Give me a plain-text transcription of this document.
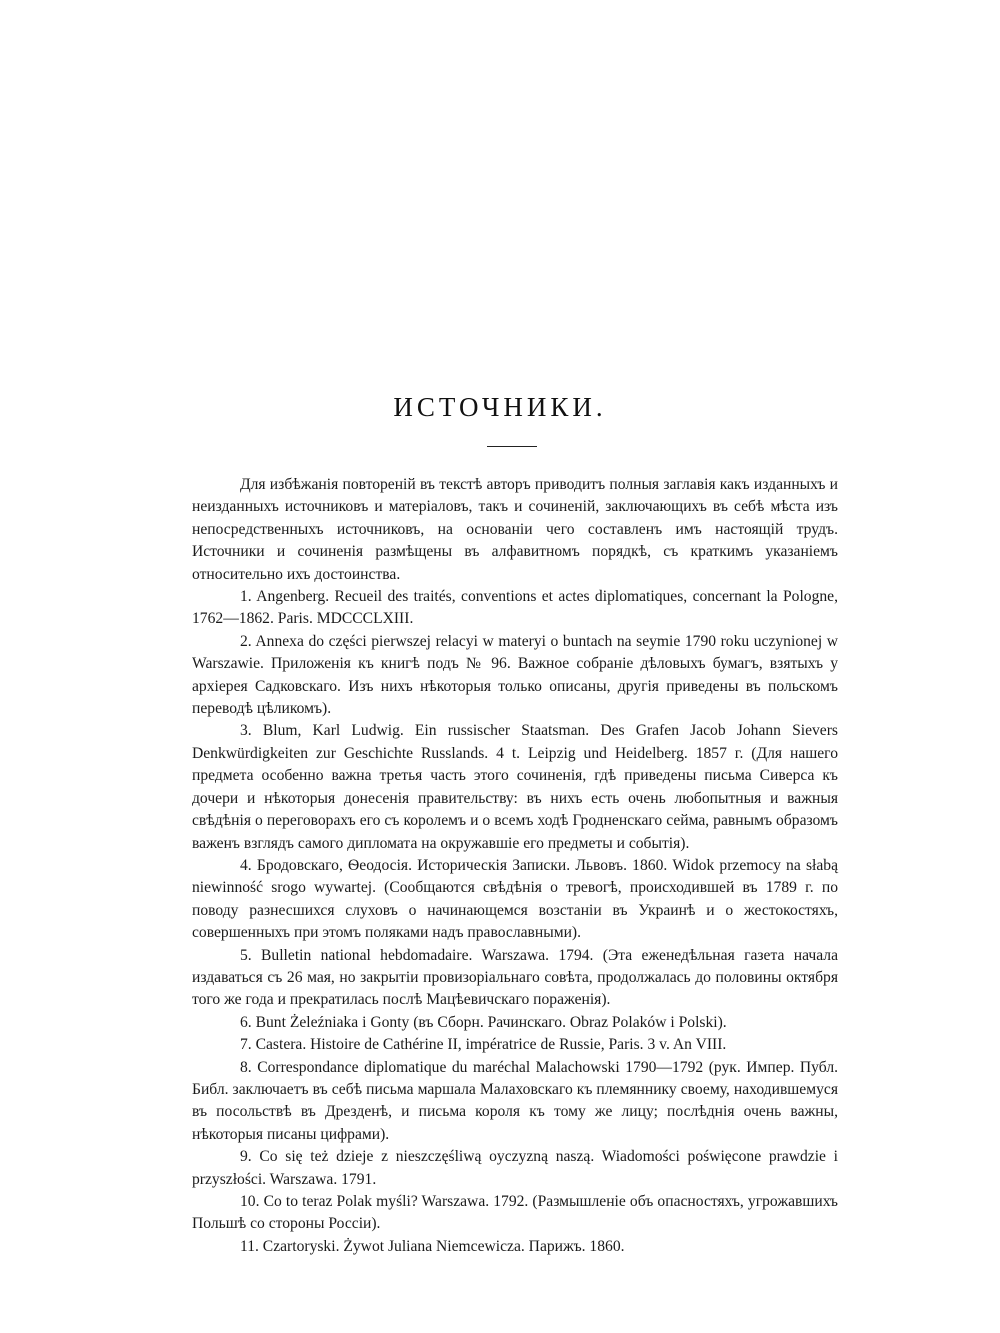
ИСТОЧНИКИ.

Для избѣжанія повтореній въ текстѣ авторъ приводитъ полныя заглавія какъ изданныхъ и неизданныхъ источниковъ и матеріаловъ, такъ и сочиненій, заключающихъ въ себѣ мѣста изъ непосредственныхъ источниковъ, на основаніи чего составленъ имъ настоящій трудъ. Источники и сочиненія размѣщены въ алфавитномъ порядкѣ, съ краткимъ указаніемъ относительно ихъ достоинства.

1. Angenberg. Recueil des traités, conventions et actes diplomatiques, concernant la Pologne, 1762—1862. Paris. MDCCCLXIII.

2. Annexa do części pierwszej relacyi w materyi o buntach na seymie 1790 roku uczynionej w Warszawie. Приложенія къ книгѣ подъ № 96. Важное собраніе дѣловыхъ бумагъ, взятыхъ у архіерея Садковскаго. Изъ нихъ нѣкоторыя только описаны, другія приведены въ польскомъ переводѣ цѣликомъ).

3. Blum, Karl Ludwig. Ein russischer Staatsman. Des Grafen Jacob Johann Sievers Denkwürdigkeiten zur Geschichte Russlands. 4 t. Leipzig und Heidelberg. 1857 г. (Для нашего предмета особенно важна третья часть этого сочиненія, гдѣ приведены письма Сиверса къ дочери и нѣкоторыя донесенія правительству: въ нихъ есть очень любопытныя и важныя свѣдѣнія о переговорахъ его съ королемъ и о всемъ ходѣ Гродненскаго сейма, равнымъ образомъ важенъ взглядъ самого дипломата на окружавшіе его предметы и событія).

4. Бродовскаго, Ѳеодосія. Историческія Записки. Львовъ. 1860. Widok przemocy na słabą niewinność srogo wywartej. (Сообщаются свѣдѣнія о тревогѣ, происходившей въ 1789 г. по поводу разнесшихся слуховъ о начинающемся возстаніи въ Украинѣ и о жестокостяхъ, совершенныхъ при этомъ поляками надъ православными).

5. Bulletin national hebdomadaire. Warszawa. 1794. (Эта еженедѣльная газета начала издаваться съ 26 мая, но закрытіи провизоріальнаго совѣта, продолжалась до половины октября того же года и прекратилась послѣ Мацѣевичскаго пораженія).

6. Bunt Żeleźniaka i Gonty (въ Сборн. Рачинскаго. Obraz Polaków i Polski).

7. Castera. Histoire de Cathérine II, impératrice de Russie, Paris. 3 v. An VIII.

8. Correspondance diplomatique du maréchal Malachowski 1790—1792 (рук. Импер. Публ. Библ. заключаетъ въ себѣ письма маршала Малаховскаго къ племяннику своему, находившемуся въ посольствѣ въ Дрезденѣ, и письма короля къ тому же лицу; послѣднія очень важны, нѣкоторыя писаны цифрами).

9. Co się też dzieje z nieszczęśliwą oyczyzną naszą. Wiadomości poświęcone prawdzie i przyszłości. Warszawa. 1791.

10. Co to teraz Polak myśli? Warszawa. 1792. (Размышленіе объ опасностяхъ, угрожавшихъ Польшѣ со стороны Россіи).

11. Czartoryski. Żywot Juliana Niemcewicza. Парижъ. 1860.
